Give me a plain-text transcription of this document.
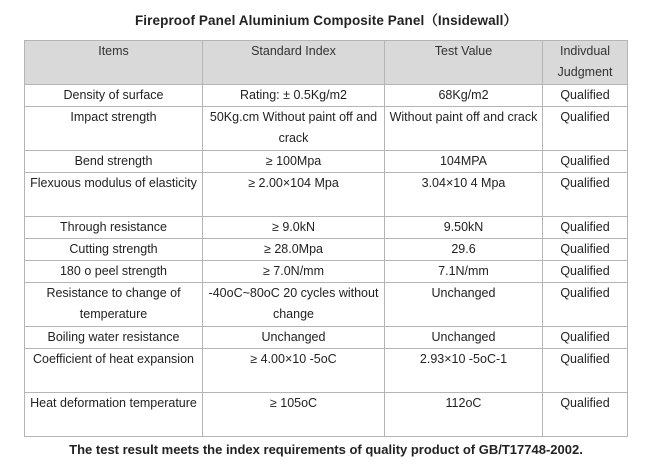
Fireproof Panel Aluminium Composite Panel（Insidewall）
Items	Standard Index	Test Value	Indivdual Judgment
Density of surface	Rating: ± 0.5Kg/m2	68Kg/m2	Qualified
Impact strength	50Kg.cm Without paint off and crack	Without paint off and crack	Qualified
Bend strength	≥ 100Mpa	104MPA	Qualified
Flexuous modulus of elasticity	≥ 2.00×104 Mpa	3.04×10 4 Mpa	Qualified
Through resistance	≥ 9.0kN	9.50kN	Qualified
Cutting strength	≥ 28.0Mpa	29.6	Qualified
180 o peel strength	≥ 7.0N/mm	7.1N/mm	Qualified
Resistance to change of temperature	-40oC~80oC 20 cycles without change	Unchanged	Qualified
Boiling water resistance	Unchanged	Unchanged	Qualified
Coefficient of heat expansion	≥ 4.00×10 -5oC	2.93×10 -5oC-1	Qualified
Heat deformation temperature	≥ 105oC	112oC	Qualified
The test result meets the index requirements of quality product of GB/T17748-2002.
